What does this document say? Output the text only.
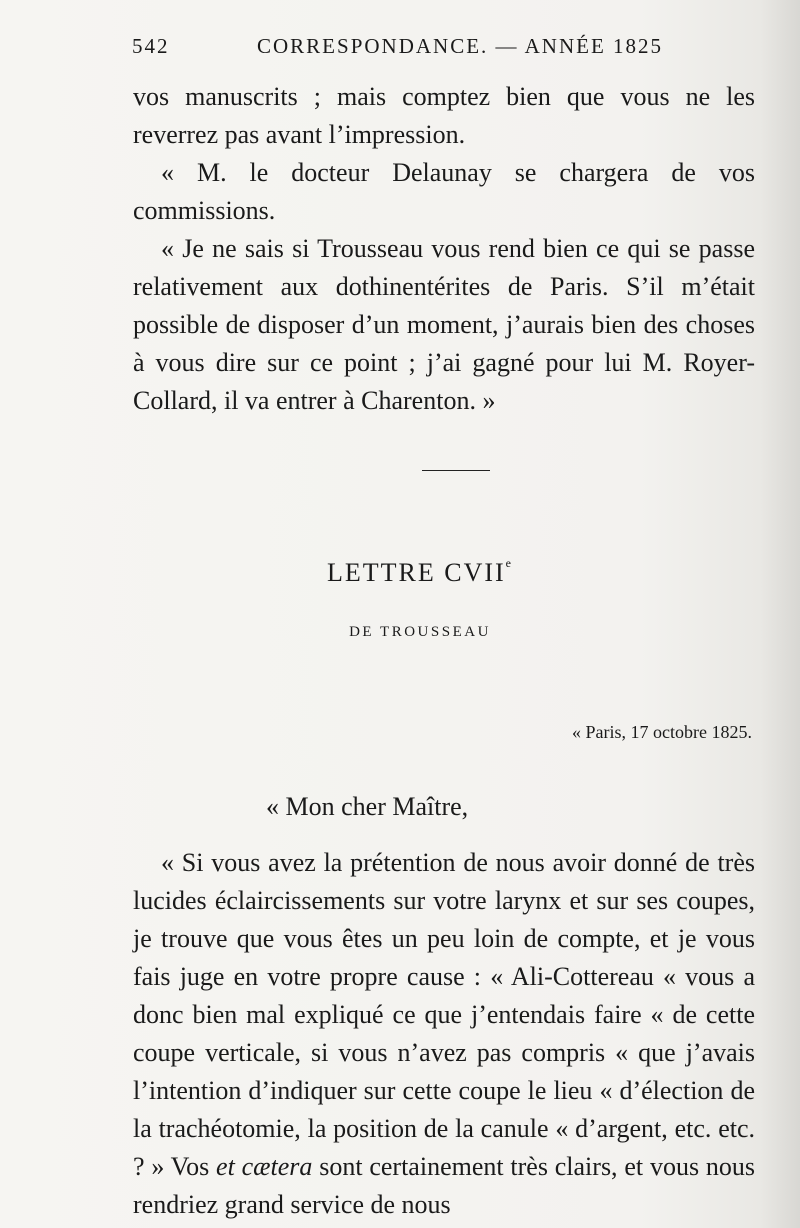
542	CORRESPONDANCE. — ANNÉE 1825

vos manuscrits ; mais comptez bien que vous ne les reverrez pas avant l’impression.

« M. le docteur Delaunay se chargera de vos commissions.

« Je ne sais si Trousseau vous rend bien ce qui se passe relativement aux dothinentérites de Paris. S’il m’était possible de disposer d’un moment, j’aurais bien des choses à vous dire sur ce point ; j’ai gagné pour lui M. Royer-Collard, il va entrer à Charenton. »

LETTRE CVIIe
DE TROUSSEAU
« Paris, 17 octobre 1825.
« Mon cher Maître,

« Si vous avez la prétention de nous avoir donné de très lucides éclaircissements sur votre larynx et sur ses coupes, je trouve que vous êtes un peu loin de compte, et je vous fais juge en votre propre cause : « Ali-Cottereau « vous a donc bien mal expliqué ce que j’entendais faire « de cette coupe verticale, si vous n’avez pas compris « que j’avais l’intention d’indiquer sur cette coupe le lieu « d’élection de la trachéotomie, la position de la canule « d’argent, etc. etc. ? » Vos et cætera sont certainement très clairs, et vous nous rendriez grand service de nous
